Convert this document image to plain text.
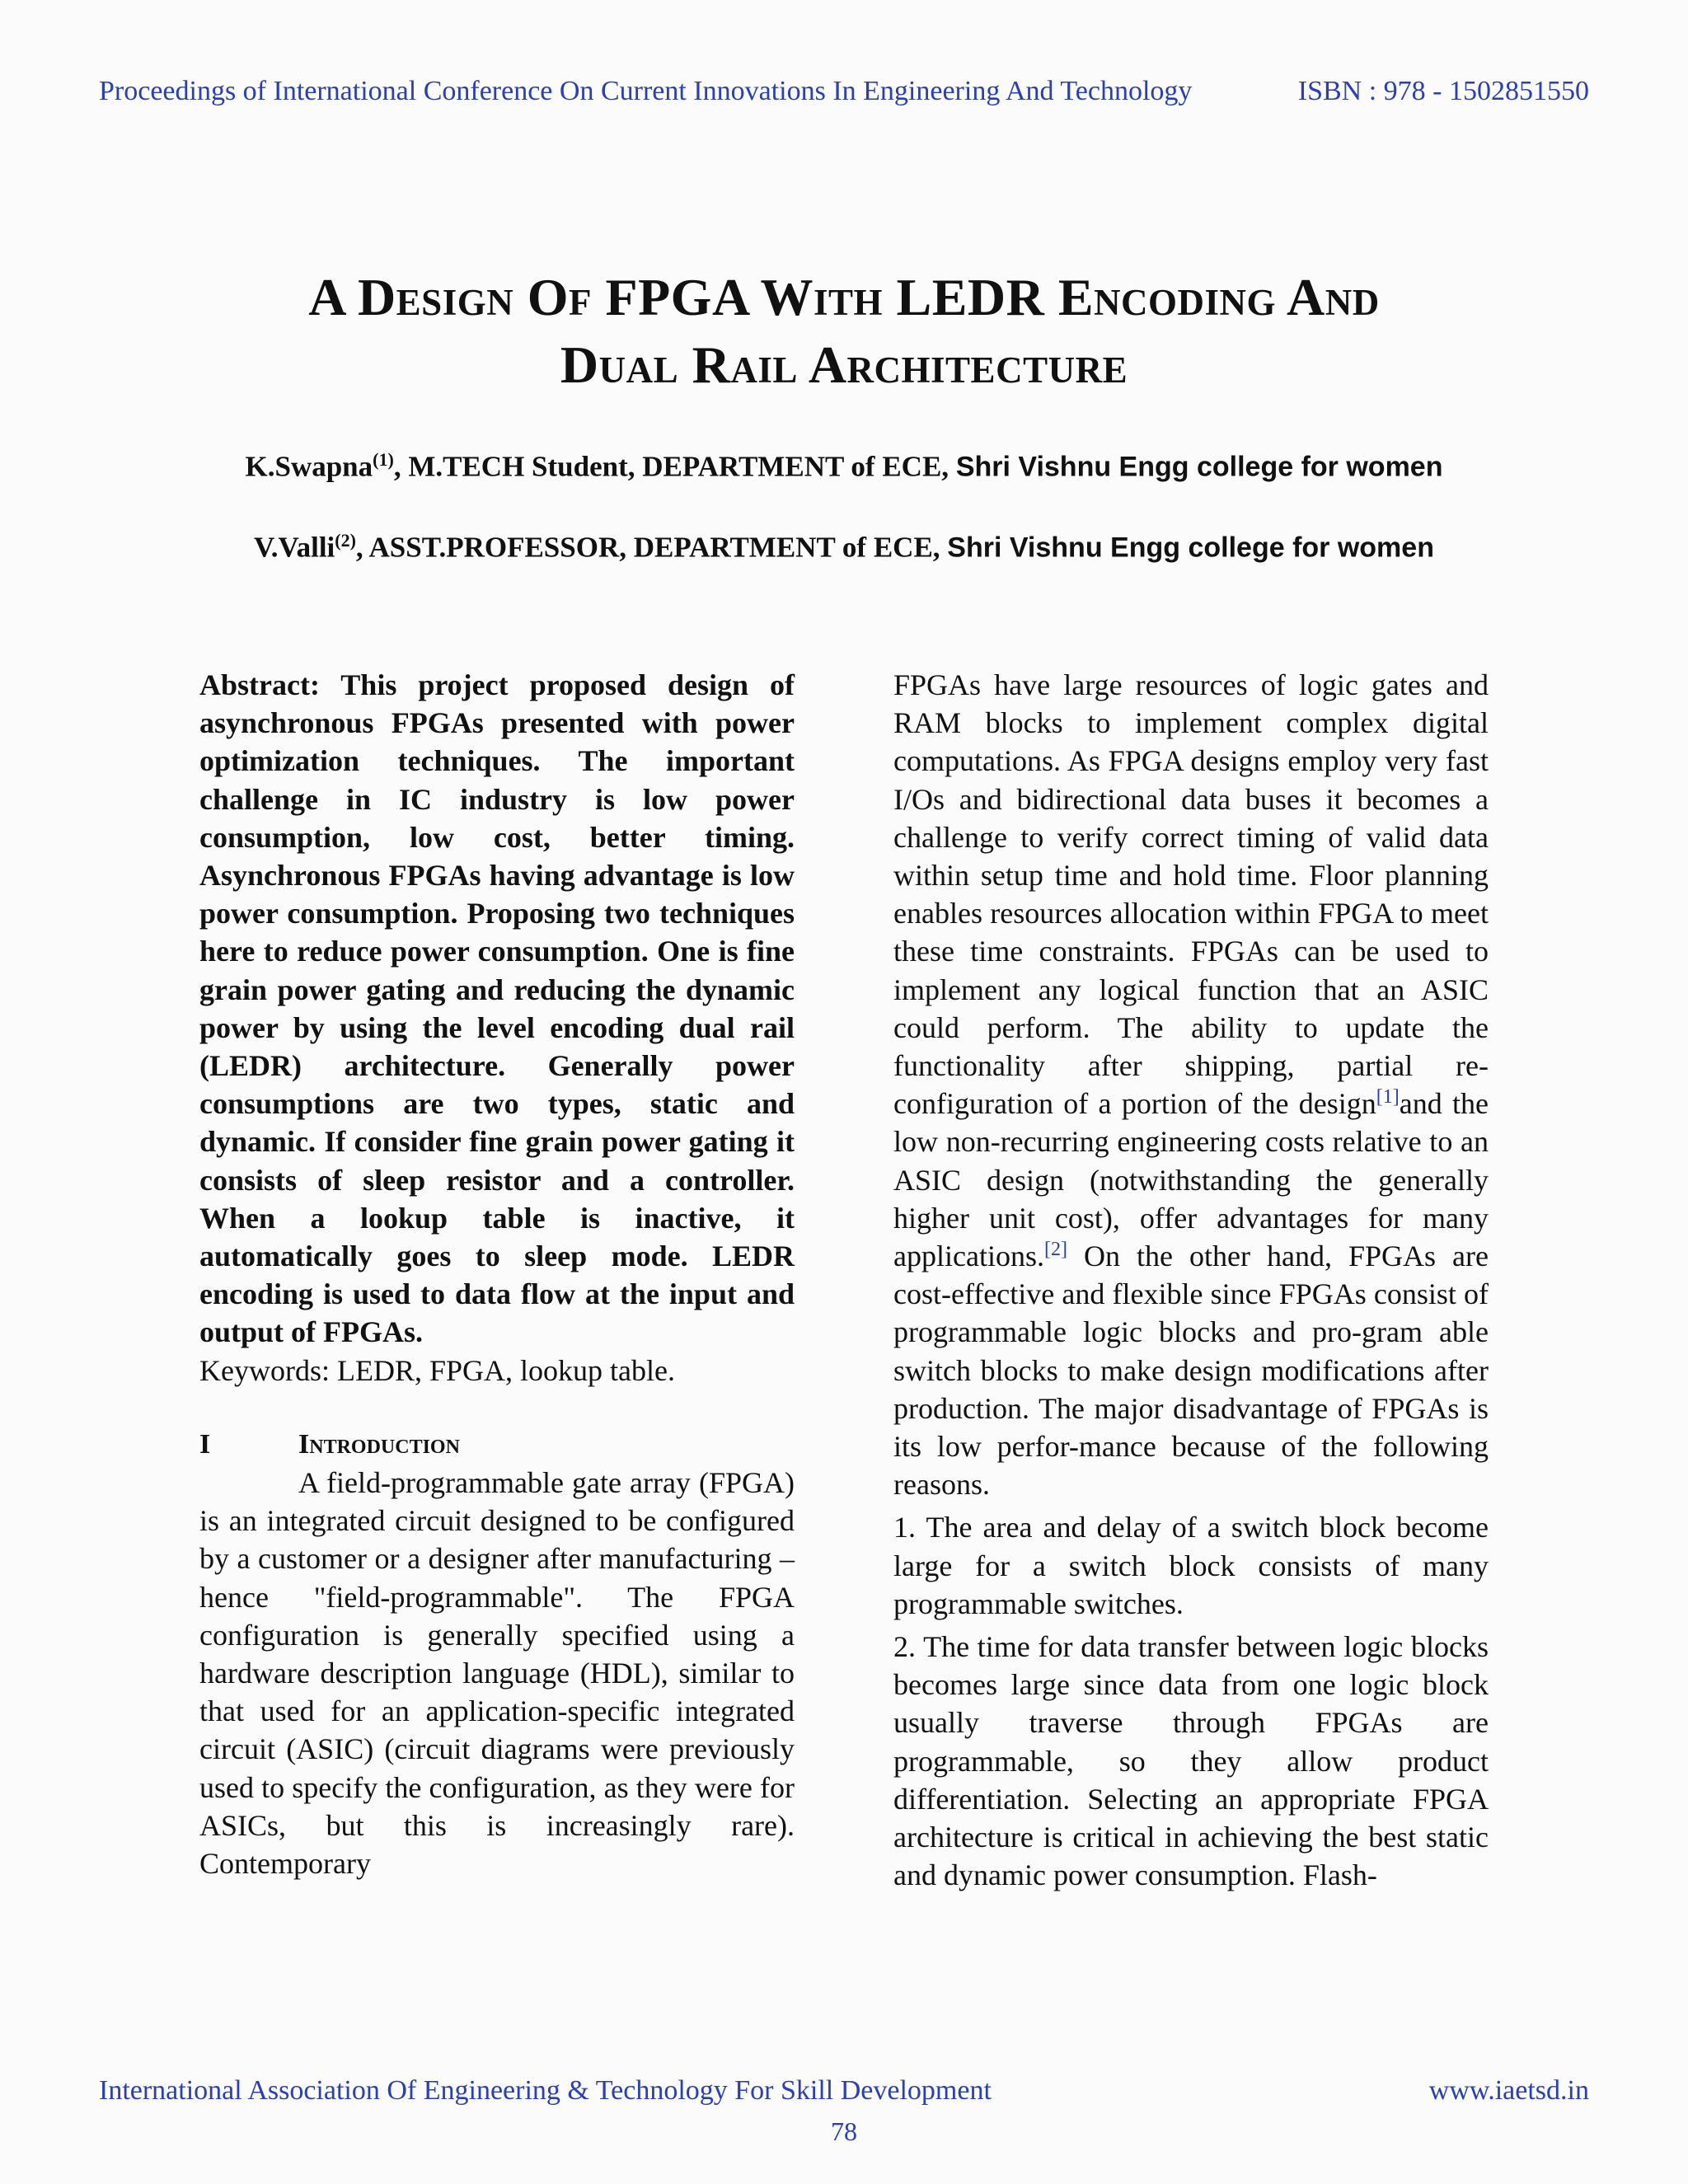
Proceedings of International Conference On Current Innovations In Engineering And Technology	ISBN : 978 - 1502851550
A Design Of FPGA With LEDR Encoding And
Dual Rail Architecture
K.Swapna$^{(1)}$, M.TECH Student, DEPARTMENT of ECE, Shri Vishnu Engg college for women
V.Valli$^{(2)}$, ASST.PROFESSOR, DEPARTMENT of ECE, Shri Vishnu Engg college for women

Abstract: This project proposed design of asynchronous FPGAs presented with power optimization techniques. The important challenge in IC industry is low power consumption, low cost, better timing. Asynchronous FPGAs having advantage is low power consumption. Proposing two techniques here to reduce power consumption. One is fine grain power gating and reducing the dynamic power by using the level encoding dual rail (LEDR) architecture. Generally power consumptions are two types, static and dynamic. If consider fine grain power gating it consists of sleep resistor and a controller. When a lookup table is inactive, it automatically goes to sleep mode. LEDR encoding is used to data flow at the input and output of FPGAs.

Keywords: LEDR, FPGA, lookup table.

I	Introduction

A field-programmable gate array (FPGA) is an integrated circuit designed to be configured by a customer or a designer after manufacturing – hence "field-programmable". The FPGA configuration is generally specified using a hardware description language (HDL), similar to that used for an application-specific integrated circuit (ASIC) (circuit diagrams were previously used to specify the configuration, as they were for ASICs, but this is increasingly rare). Contemporary

FPGAs have large resources of logic gates and RAM blocks to implement complex digital computations. As FPGA designs employ very fast I/Os and bidirectional data buses it becomes a challenge to verify correct timing of valid data within setup time and hold time. Floor planning enables resources allocation within FPGA to meet these time constraints. FPGAs can be used to implement any logical function that an ASIC could perform. The ability to update the functionality after shipping, partial re-configuration of a portion of the design[1]and the low non-recurring engineering costs relative to an ASIC design (notwithstanding the generally higher unit cost), offer advantages for many applications.[2] On the other hand, FPGAs are cost-effective and flexible since FPGAs consist of programmable logic blocks and pro-gram able switch blocks to make design modifications after production. The major disadvantage of FPGAs is its low perfor-mance because of the following reasons.

1. The area and delay of a switch block become large for a switch block consists of many programmable switches.

2. The time for data transfer between logic blocks becomes large since data from one logic block usually traverse through FPGAs are programmable, so they allow product differentiation. Selecting an appropriate FPGA architecture is critical in achieving the best static and dynamic power consumption. Flash-

International Association Of Engineering & Technology For Skill Development	www.iaetsd.in
78
